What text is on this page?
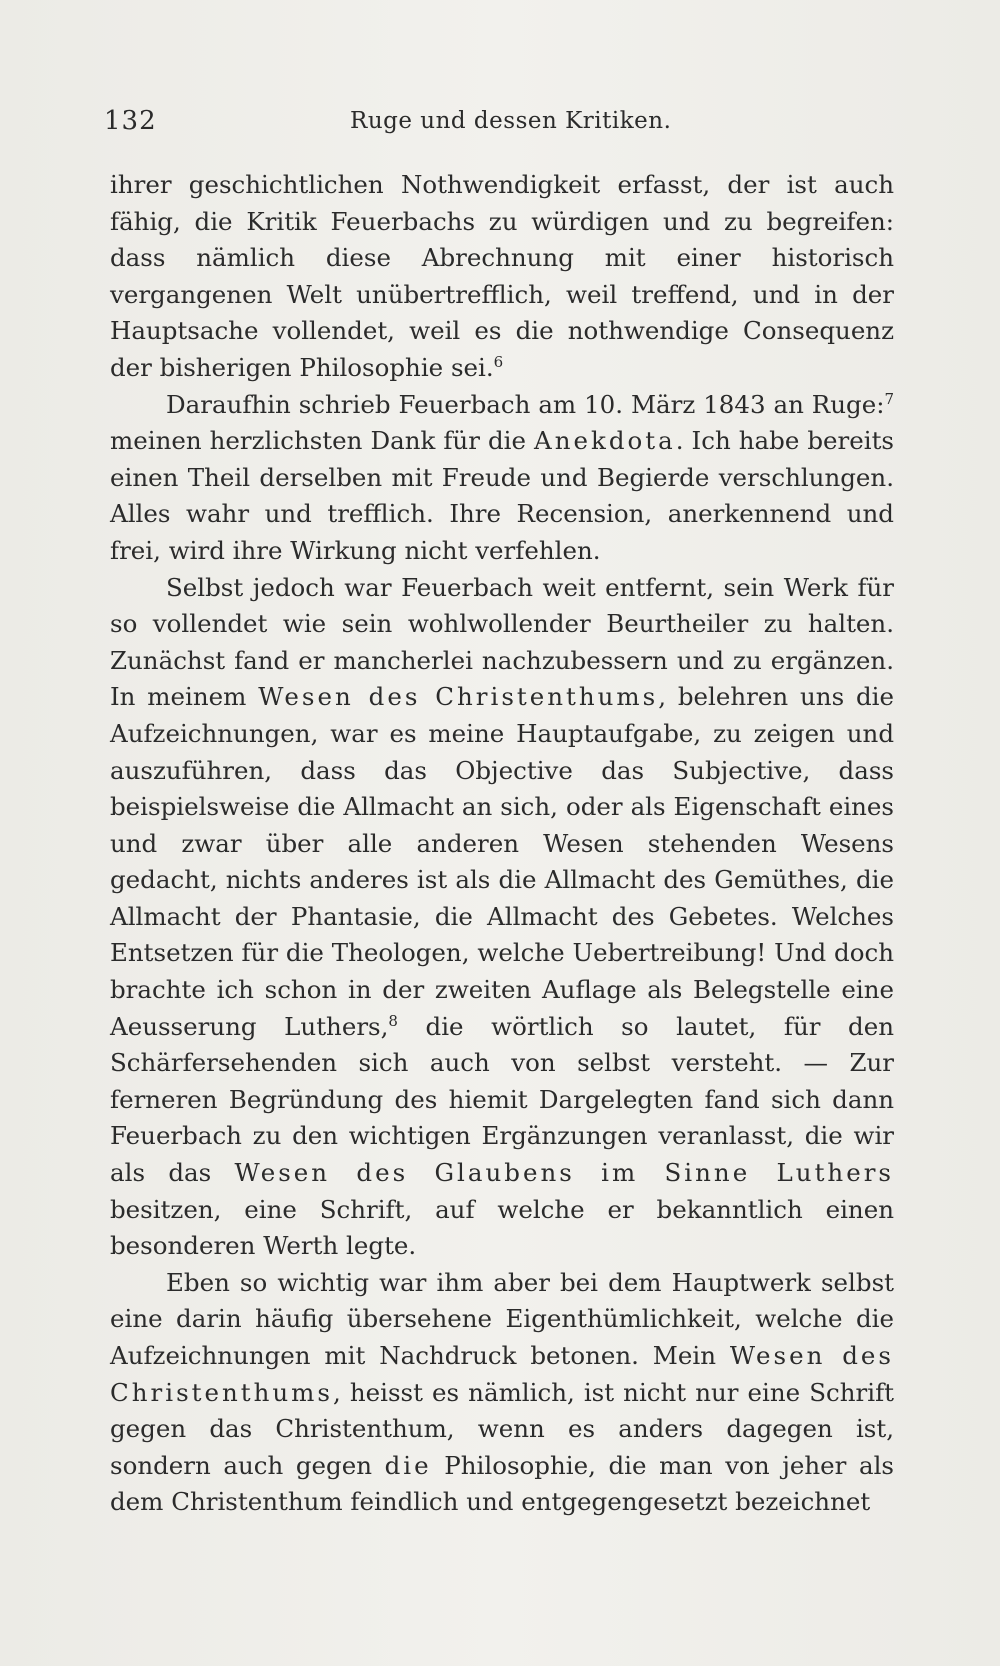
132	Ruge und dessen Kritiken.

ihrer geschichtlichen Nothwendigkeit erfasst, der ist auch fähig, die Kritik Feuerbachs zu würdigen und zu begreifen: dass nämlich diese Abrechnung mit einer historisch vergangenen Welt unübertrefflich, weil treffend, und in der Hauptsache vollendet, weil es die nothwendige Consequenz der bisherigen Philosophie sei.$^6$

Daraufhin schrieb Feuerbach am 10. März 1843 an Ruge:$^7$ meinen herzlichsten Dank für die Anekdota. Ich habe bereits einen Theil derselben mit Freude und Begierde verschlungen. Alles wahr und trefflich. Ihre Recension, anerkennend und frei, wird ihre Wirkung nicht verfehlen.

Selbst jedoch war Feuerbach weit entfernt, sein Werk für so vollendet wie sein wohlwollender Beurtheiler zu halten. Zunächst fand er mancherlei nachzubessern und zu ergänzen. In meinem Wesen des Christenthums, belehren uns die Aufzeichnungen, war es meine Hauptaufgabe, zu zeigen und auszuführen, dass das Objective das Subjective, dass beispielsweise die Allmacht an sich, oder als Eigenschaft eines und zwar über alle anderen Wesen stehenden Wesens gedacht, nichts anderes ist als die Allmacht des Gemüthes, die Allmacht der Phantasie, die Allmacht des Gebetes. Welches Entsetzen für die Theologen, welche Uebertreibung! Und doch brachte ich schon in der zweiten Auflage als Belegstelle eine Aeusserung Luthers,$^8$ die wörtlich so lautet, für den Schärfersehenden sich auch von selbst versteht. — Zur ferneren Begründung des hiemit Dargelegten fand sich dann Feuerbach zu den wichtigen Ergänzungen veranlasst, die wir als das Wesen des Glaubens im Sinne Luthers besitzen, eine Schrift, auf welche er bekanntlich einen besonderen Werth legte.

Eben so wichtig war ihm aber bei dem Hauptwerk selbst eine darin häufig übersehene Eigenthümlichkeit, welche die Aufzeichnungen mit Nachdruck betonen. Mein Wesen des Christenthums, heisst es nämlich, ist nicht nur eine Schrift gegen das Christenthum, wenn es anders dagegen ist, sondern auch gegen die Philosophie, die man von jeher als dem Christenthum feindlich und entgegengesetzt bezeichnet
